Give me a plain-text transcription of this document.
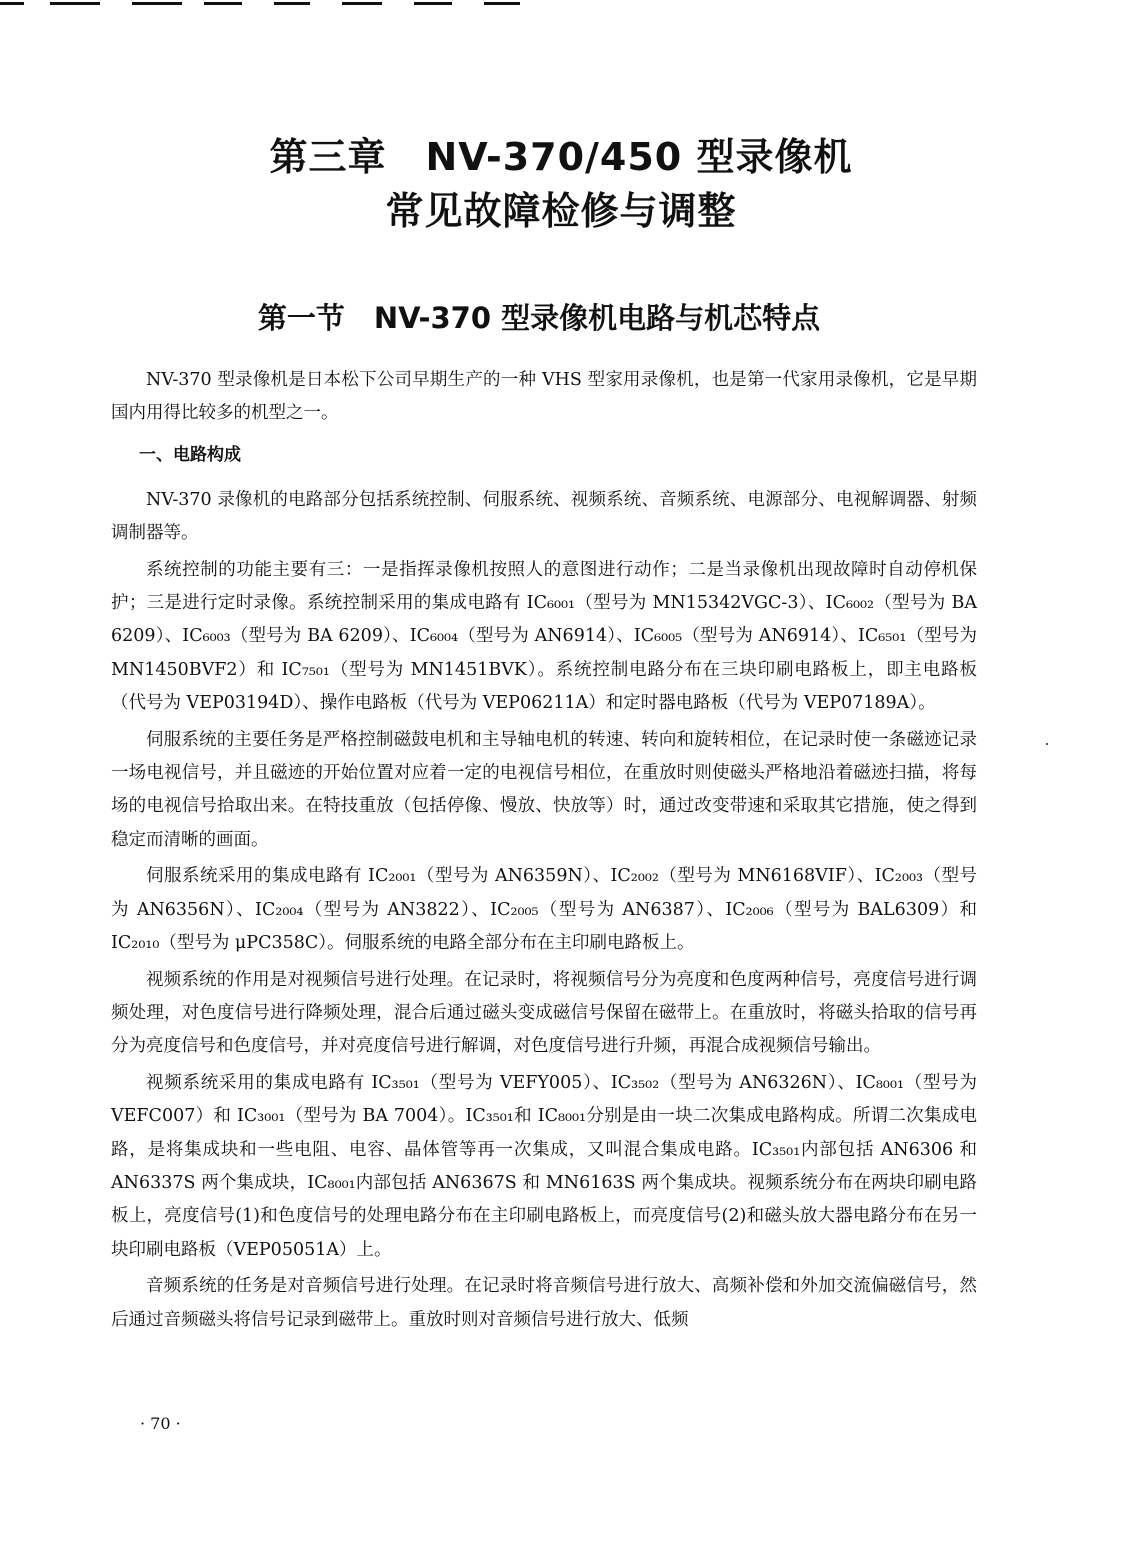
第三章　NV-370/450 型录像机
常见故障检修与调整
第一节　NV-370 型录像机电路与机芯特点

NV-370 型录像机是日本松下公司早期生产的一种 VHS 型家用录像机，也是第一代家用录像机，它是早期国内用得比较多的机型之一。

一、电路构成

NV-370 录像机的电路部分包括系统控制、伺服系统、视频系统、音频系统、电源部分、电视解调器、射频调制器等。

系统控制的功能主要有三：一是指挥录像机按照人的意图进行动作；二是当录像机出现故障时自动停机保护；三是进行定时录像。系统控制采用的集成电路有 IC₆₀₀₁（型号为 MN15342VGC-3）、IC₆₀₀₂（型号为 BA 6209）、IC₆₀₀₃（型号为 BA 6209）、IC₆₀₀₄（型号为 AN6914）、IC₆₀₀₅（型号为 AN6914）、IC₆₅₀₁（型号为 MN1450BVF2）和 IC₇₅₀₁（型号为 MN1451BVK）。系统控制电路分布在三块印刷电路板上，即主电路板（代号为 VEP03194D）、操作电路板（代号为 VEP06211A）和定时器电路板（代号为 VEP07189A）。

伺服系统的主要任务是严格控制磁鼓电机和主导轴电机的转速、转向和旋转相位，在记录时使一条磁迹记录一场电视信号，并且磁迹的开始位置对应着一定的电视信号相位，在重放时则使磁头严格地沿着磁迹扫描，将每场的电视信号拾取出来。在特技重放（包括停像、慢放、快放等）时，通过改变带速和采取其它措施，使之得到稳定而清晰的画面。

伺服系统采用的集成电路有 IC₂₀₀₁（型号为 AN6359N）、IC₂₀₀₂（型号为 MN6168VIF）、IC₂₀₀₃（型号为 AN6356N）、IC₂₀₀₄（型号为 AN3822）、IC₂₀₀₅（型号为 AN6387）、IC₂₀₀₆（型号为 BAL6309）和 IC₂₀₁₀（型号为 μPC358C）。伺服系统的电路全部分布在主印刷电路板上。

视频系统的作用是对视频信号进行处理。在记录时，将视频信号分为亮度和色度两种信号，亮度信号进行调频处理，对色度信号进行降频处理，混合后通过磁头变成磁信号保留在磁带上。在重放时，将磁头拾取的信号再分为亮度信号和色度信号，并对亮度信号进行解调，对色度信号进行升频，再混合成视频信号输出。

视频系统采用的集成电路有 IC₃₅₀₁（型号为 VEFY005）、IC₃₅₀₂（型号为 AN6326N）、IC₈₀₀₁（型号为 VEFC007）和 IC₃₀₀₁（型号为 BA 7004）。IC₃₅₀₁和 IC₈₀₀₁分别是由一块二次集成电路构成。所谓二次集成电路，是将集成块和一些电阻、电容、晶体管等再一次集成，又叫混合集成电路。IC₃₅₀₁内部包括 AN6306 和 AN6337S 两个集成块，IC₈₀₀₁内部包括 AN6367S 和 MN6163S 两个集成块。视频系统分布在两块印刷电路板上，亮度信号(1)和色度信号的处理电路分布在主印刷电路板上，而亮度信号(2)和磁头放大器电路分布在另一块印刷电路板（VEP05051A）上。

音频系统的任务是对音频信号进行处理。在记录时将音频信号进行放大、高频补偿和外加交流偏磁信号，然后通过音频磁头将信号记录到磁带上。重放时则对音频信号进行放大、低频

· 70 ·
